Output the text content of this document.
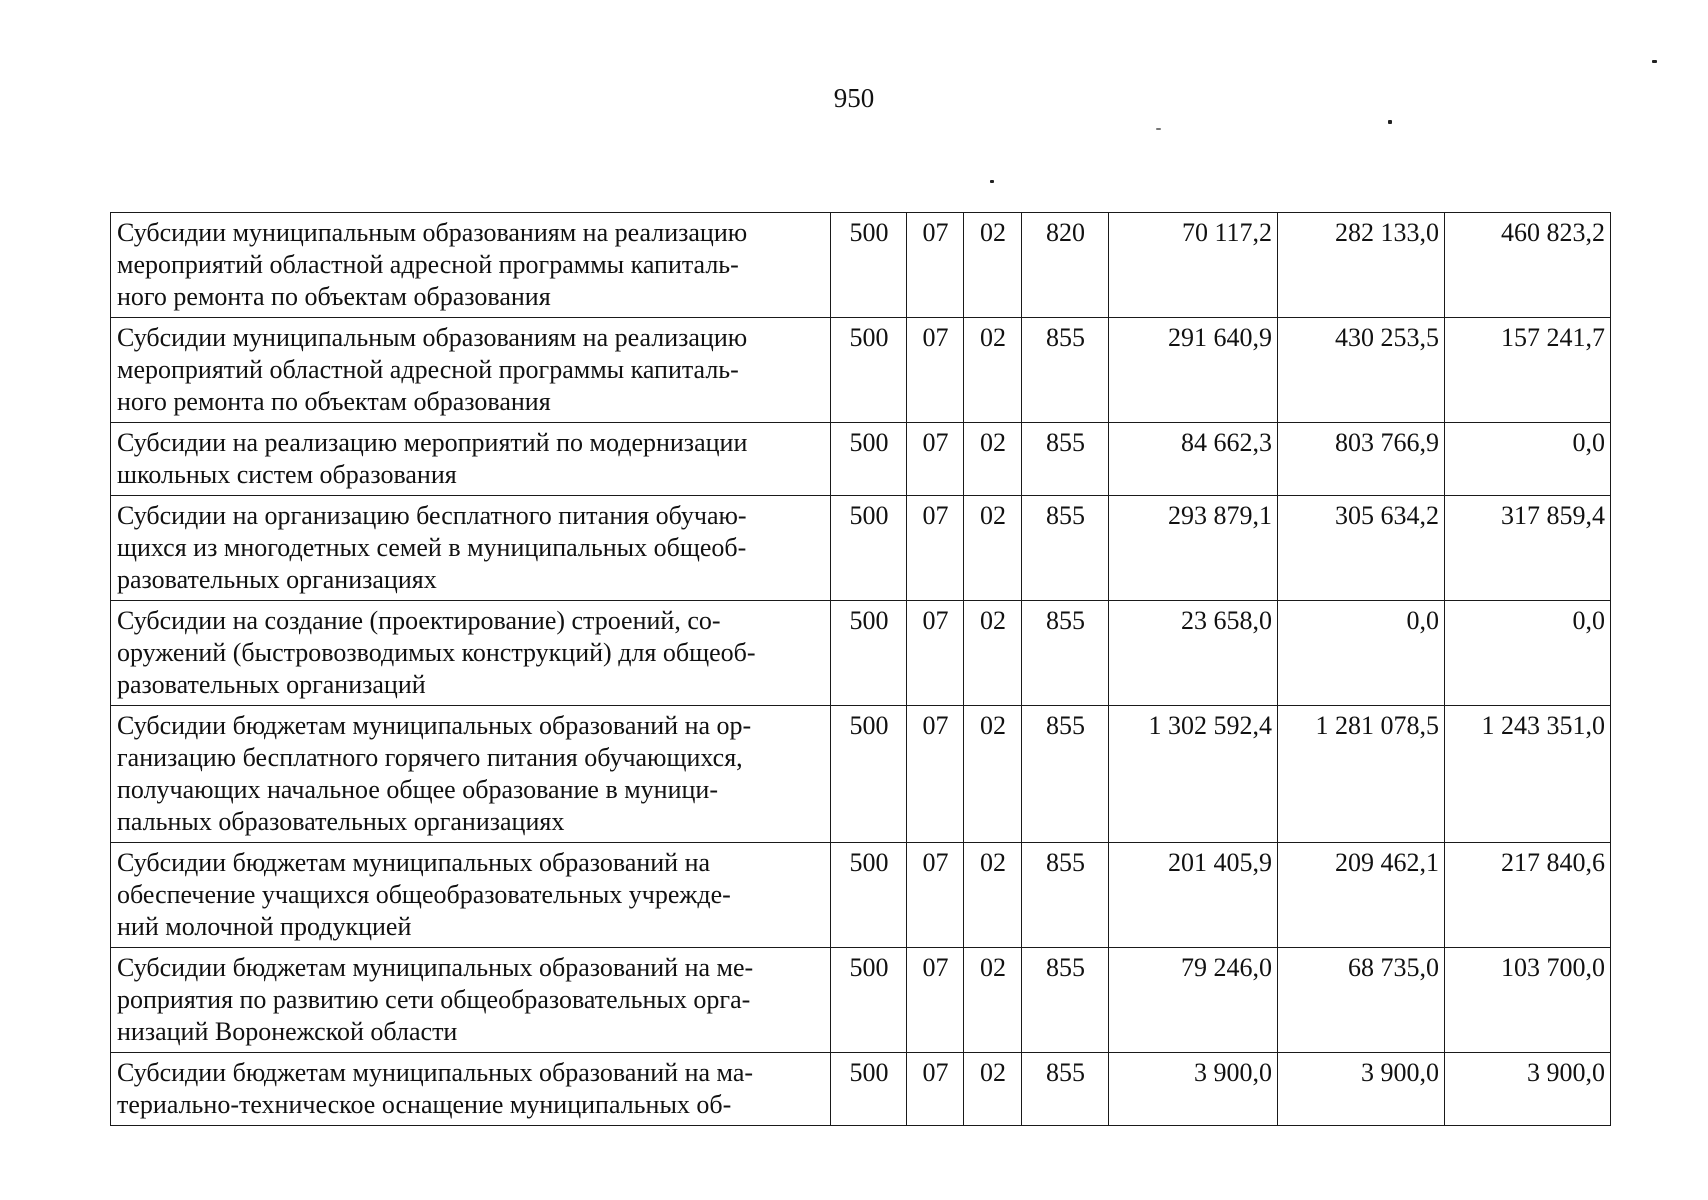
950
Субсидии муниципальным образованиям на реализацию
мероприятий областной адресной программы капиталь-
ного ремонта по объектам образования	500	07	02	820	70 117,2	282 133,0	460 823,2

Субсидии муниципальным образованиям на реализацию
мероприятий областной адресной программы капиталь-
ного ремонта по объектам образования	500	07	02	855	291 640,9	430 253,5	157 241,7

Субсидии на реализацию мероприятий по модернизации
школьных систем образования	500	07	02	855	84 662,3	803 766,9	0,0

Субсидии на организацию бесплатного питания обучаю-
щихся из многодетных семей в муниципальных общеоб-
разовательных организациях	500	07	02	855	293 879,1	305 634,2	317 859,4

Субсидии на создание (проектирование) строений, со-
оружений (быстровозводимых конструкций) для общеоб-
разовательных организаций	500	07	02	855	23 658,0	0,0	0,0

Субсидии бюджетам муниципальных образований на ор-
ганизацию бесплатного горячего питания обучающихся,
получающих начальное общее образование в муници-
пальных образовательных организациях	500	07	02	855	1 302 592,4	1 281 078,5	1 243 351,0

Субсидии бюджетам муниципальных образований на
обеспечение учащихся общеобразовательных учрежде-
ний молочной продукцией	500	07	02	855	201 405,9	209 462,1	217 840,6

Субсидии бюджетам муниципальных образований на ме-
роприятия по развитию сети общеобразовательных орга-
низаций Воронежской области	500	07	02	855	79 246,0	68 735,0	103 700,0

Субсидии бюджетам муниципальных образований на ма-
териально-техническое оснащение муниципальных об-	500	07	02	855	3 900,0	3 900,0	3 900,0
